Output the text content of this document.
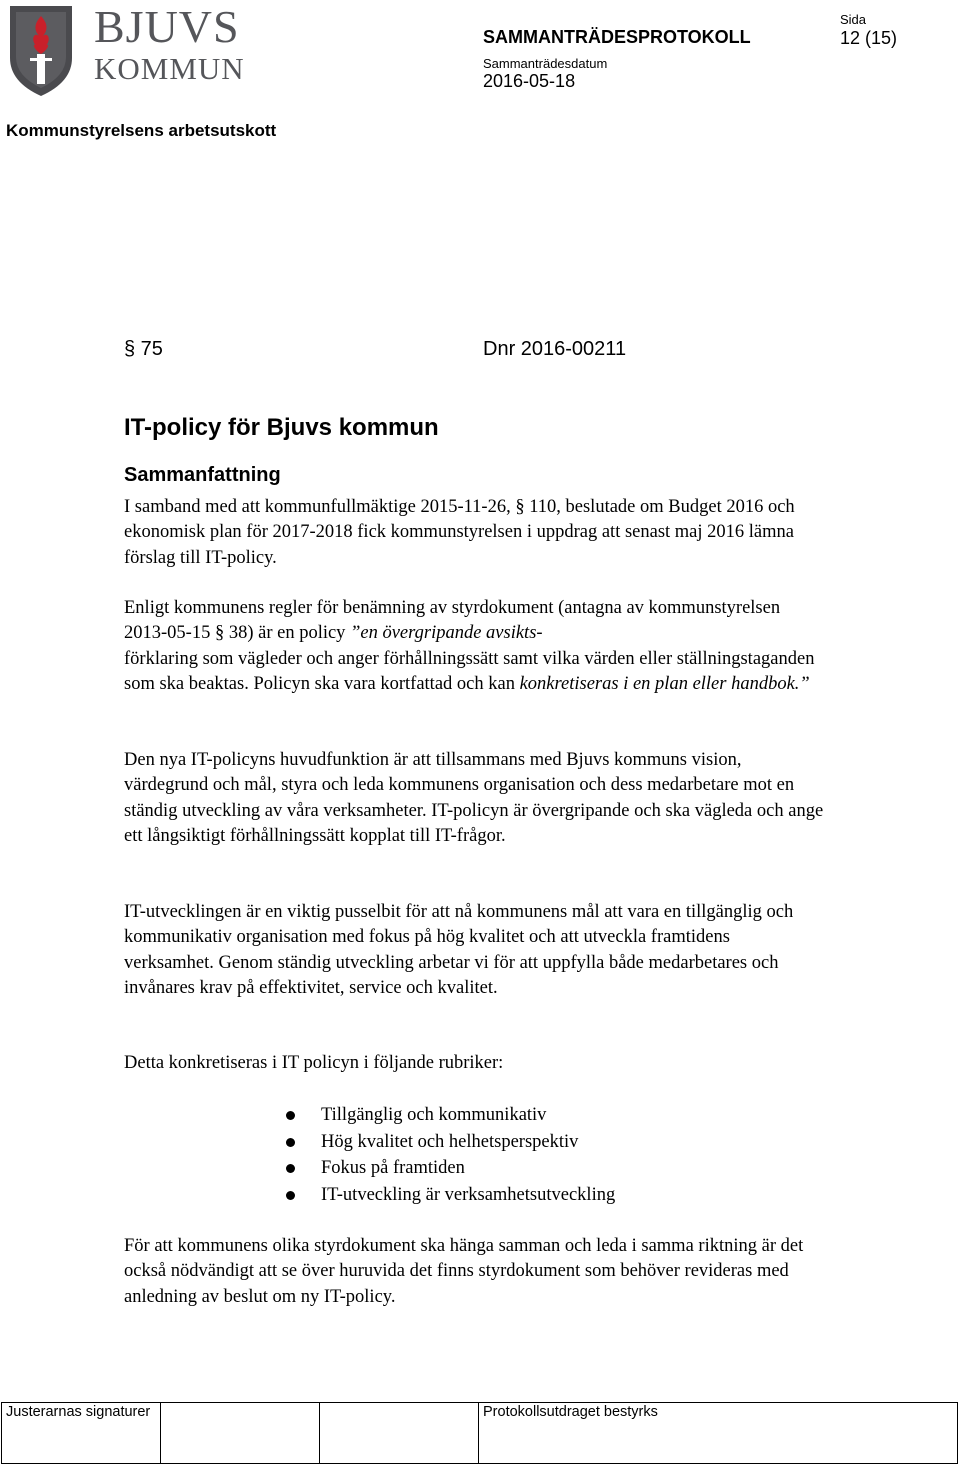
BJUVS
KOMMUN
SAMMANTRÄDESPROTOKOLL
Sida
12 (15)
Sammanträdesdatum
2016-05-18
Kommunstyrelsens arbetsutskott
§ 75	Dnr 2016-00211
IT-policy för Bjuvs kommun
Sammanfattning

I samband med att kommunfullmäktige 2015-11-26, § 110, beslutade om Budget 2016 och ekonomisk plan för 2017-2018 fick kommunstyrelsen i uppdrag att senast maj 2016 lämna förslag till IT-policy.

Enligt kommunens regler för benämning av styrdokument (antagna av kommunstyrelsen 2013-05-15 § 38) är en policy ”en övergripande avsikts-
förklaring som vägleder och anger förhållningssätt samt vilka värden eller ställningstaganden som ska beaktas. Policyn ska vara kortfattad och kan konkretiseras i en plan eller handbok.”

Den nya IT-policyns huvudfunktion är att tillsammans med Bjuvs kommuns vision, värdegrund och mål, styra och leda kommunens organisation och dess medarbetare mot en ständig utveckling av våra verksamheter. IT-policyn är övergripande och ska vägleda och ange ett långsiktigt förhållningssätt kopplat till IT-frågor.

IT-utvecklingen är en viktig pusselbit för att nå kommunens mål att vara en tillgänglig och kommunikativ organisation med fokus på hög kvalitet och att utveckla framtidens verksamhet. Genom ständig utveckling arbetar vi för att uppfylla både medarbetares och invånares krav på effektivitet, service och kvalitet.

Detta konkretiseras i IT policyn i följande rubriker:

Tillgänglig och kommunikativ
Hög kvalitet och helhetsperspektiv
Fokus på framtiden
IT-utveckling är verksamhetsutveckling

För att kommunens olika styrdokument ska hänga samman och leda i samma riktning är det också nödvändigt att se över huruvida det finns styrdokument som behöver revideras med anledning av beslut om ny IT-policy.

Justerarnas signaturer			Protokollsutdraget bestyrks
